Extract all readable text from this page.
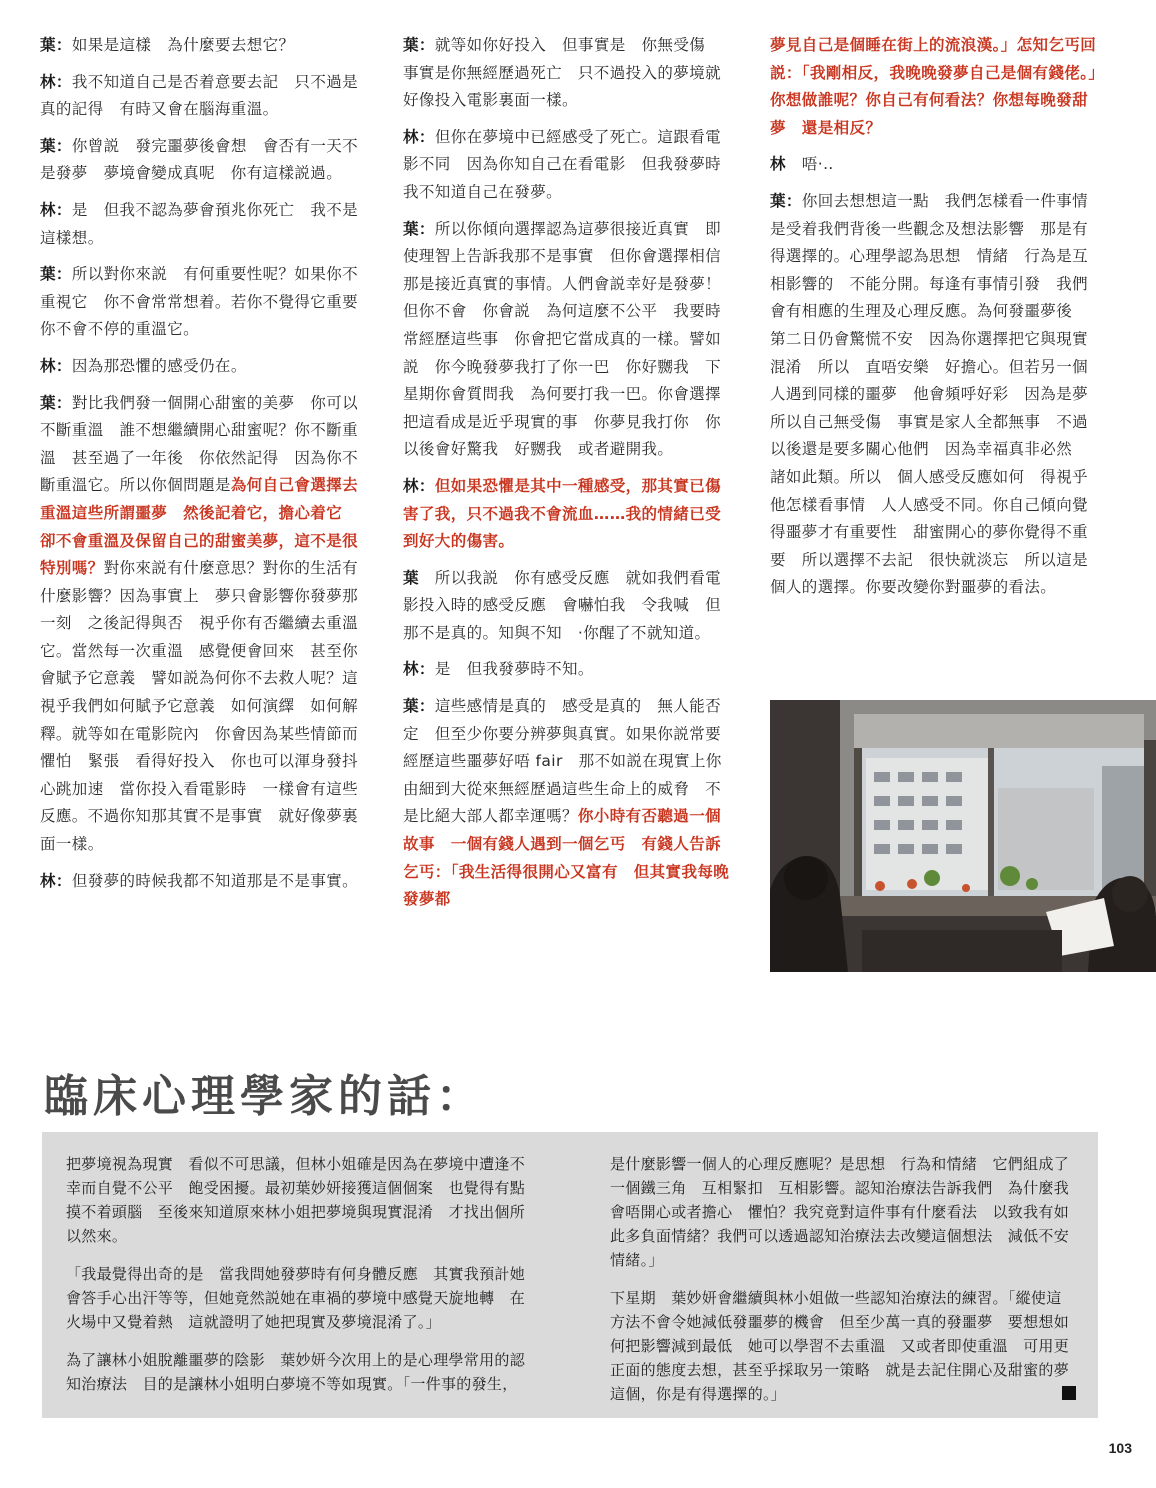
葉：如果是這樣　為什麼要去想它？

林：我不知道自己是否着意要去記　只不過是真的記得　有時又會在腦海重溫。

葉：你曾説　發完噩夢後會想　會否有一天不是發夢　夢境會變成真呢　你有這樣説過。

林：是　但我不認為夢會預兆你死亡　我不是這樣想。

葉：所以對你來説　有何重要性呢？如果你不重視它　你不會常常想着。若你不覺得它重要　你不會不停的重溫它。

林：因為那恐懼的感受仍在。

葉：對比我們發一個開心甜蜜的美夢　你可以不斷重溫　誰不想繼續開心甜蜜呢？你不斷重溫　甚至過了一年後　你依然記得　因為你不斷重溫它。所以你個問題是為何自己會選擇去重溫這些所謂噩夢　然後記着它，擔心着它　卻不會重溫及保留自己的甜蜜美夢，這不是很特別嗎？對你來説有什麼意思？對你的生活有什麼影響？因為事實上　夢只會影響你發夢那一刻　之後記得與否　視乎你有否繼續去重溫它。當然每一次重溫　感覺便會回來　甚至你會賦予它意義　譬如説為何你不去救人呢？這視乎我們如何賦予它意義　如何演繹　如何解釋。就等如在電影院內　你會因為某些情節而懼怕　緊張　看得好投入　你也可以渾身發抖心跳加速　當你投入看電影時　一樣會有這些反應。不過你知那其實不是事實　就好像夢裏面一樣。

林：但發夢的時候我都不知道那是不是事實。

葉：就等如你好投入　但事實是　你無受傷　事實是你無經歷過死亡　只不過投入的夢境就好像投入電影裏面一樣。

林：但你在夢境中已經感受了死亡。這跟看電影不同　因為你知自己在看電影　但我發夢時　我不知道自己在發夢。

葉：所以你傾向選擇認為這夢很接近真實　即使理智上告訴我那不是事實　但你會選擇相信那是接近真實的事情。人們會説幸好是發夢！但你不會　你會説　為何這麼不公平　我要時常經歷這些事　你會把它當成真的一樣。譬如説　你今晚發夢我打了你一巴　你好嬲我　下星期你會質問我　為何要打我一巴。你會選擇把這看成是近乎現實的事　你夢見我打你　你以後會好驚我　好嬲我　或者避開我。

林：但如果恐懼是其中一種感受，那其實已傷害了我，只不過我不會流血……我的情緒已受到好大的傷害。

葉　所以我説　你有感受反應　就如我們看電影投入時的感受反應　會嚇怕我　令我喊　但那不是真的。知與不知　·你醒了不就知道。

林：是　但我發夢時不知。

葉：這些感情是真的　感受是真的　無人能否定　但至少你要分辨夢與真實。如果你説常要經歷這些噩夢好唔 fair　那不如説在現實上你由細到大從來無經歷過這些生命上的威脅　不是比絕大部人都幸運嗎？你小時有否聽過一個故事　一個有錢人遇到一個乞丐　有錢人告訴乞丐：「我生活得很開心又富有　但其實我每晚發夢都

夢見自己是個睡在街上的流浪漢。」怎知乞丐回説：「我剛相反，我晚晚發夢自己是個有錢佬。」你想做誰呢？你自己有何看法？你想每晚發甜夢　還是相反？

林　唔·‥

葉：你回去想想這一點　我們怎樣看一件事情　是受着我們背後一些觀念及想法影響　那是有得選擇的。心理學認為思想　情緒　行為是互相影響的　不能分開。每逢有事情引發　我們會有相應的生理及心理反應。為何發噩夢後　第二日仍會驚慌不安　因為你選擇把它與現實混淆　所以　直唔安樂　好擔心。但若另一個人遇到同樣的噩夢　他會頻呼好彩　因為是夢　所以自己無受傷　事實是家人全都無事　不過以後還是要多關心他們　因為幸福真非必然　諸如此類。所以　個人感受反應如何　得視乎他怎樣看事情　人人感受不同。你自己傾向覺得噩夢才有重要性　甜蜜開心的夢你覺得不重要　所以選擇不去記　很快就淡忘　所以這是個人的選擇。你要改變你對噩夢的看法。

臨床心理學家的話：

把夢境視為現實　看似不可思議，但林小姐確是因為在夢境中遭逢不幸而自覺不公平　飽受困擾。最初葉妙妍接獲這個個案　也覺得有點摸不着頭腦　至後來知道原來林小姐把夢境與現實混淆　才找出個所以然來。

「我最覺得出奇的是　當我問她發夢時有何身體反應　其實我預計她會答手心出汗等等，但她竟然説她在車禍的夢境中感覺天旋地轉　在火場中又覺着熱　這就證明了她把現實及夢境混淆了。」

為了讓林小姐脫離噩夢的陰影　葉妙妍今次用上的是心理學常用的認知治療法　目的是讓林小姐明白夢境不等如現實。「一件事的發生，

是什麼影響一個人的心理反應呢？是思想　行為和情緒　它們組成了一個鐵三角　互相緊扣　互相影響。認知治療法告訴我們　為什麼我會唔開心或者擔心　懼怕？我究竟對這件事有什麼看法　以致我有如此多負面情緒？我們可以透過認知治療法去改變這個想法　減低不安情緒。」

下星期　葉妙妍會繼續與林小姐做一些認知治療法的練習。「縱使這方法不會令她減低發噩夢的機會　但至少萬一真的發噩夢　要想想如何把影響減到最低　她可以學習不去重溫　又或者即使重溫　可用更正面的態度去想，甚至乎採取另一策略　就是去記住開心及甜蜜的夢　這個，你是有得選擇的。」

103
